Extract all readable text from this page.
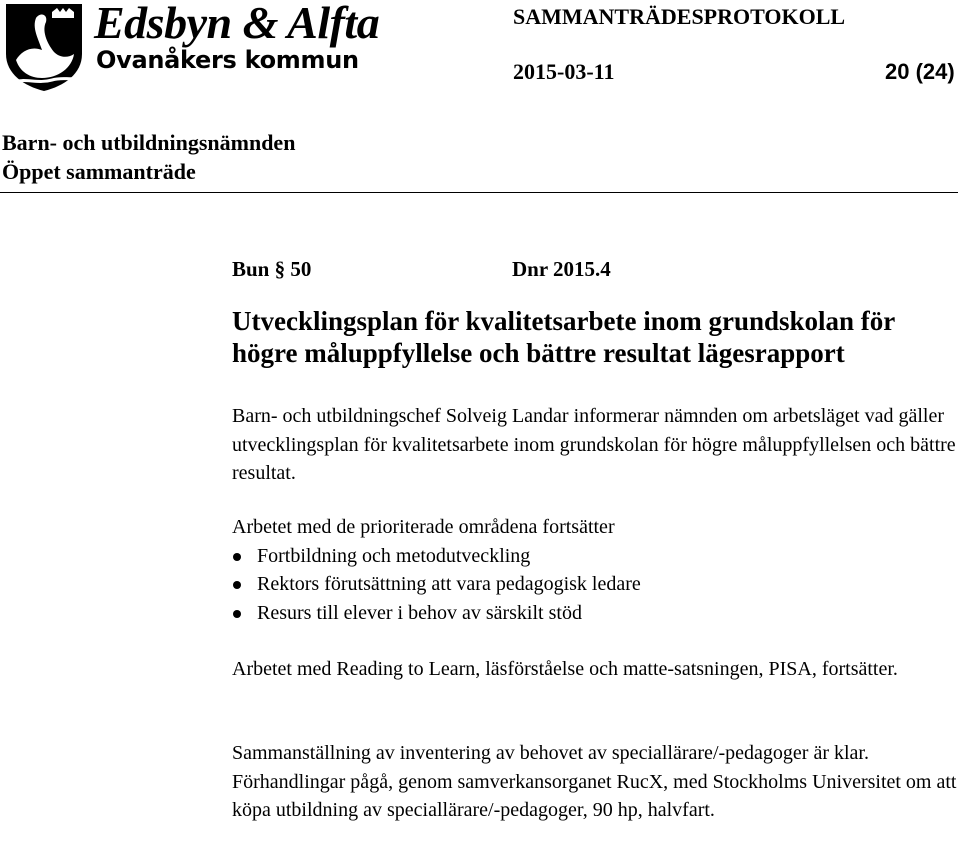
Edsbyn & Alfta
Ovanåkers kommun
SAMMANTRÄDESPROTOKOLL
2015-03-11	20 (24)
Barn- och utbildningsnämnden
Öppet sammanträde
Bun § 50	Dnr 2015.4
Utvecklingsplan för kvalitetsarbete inom grundskolan för högre måluppfyllelse och bättre resultat lägesrapport
Barn- och utbildningschef Solveig Landar informerar nämnden om arbetsläget vad gäller utvecklingsplan för kvalitetsarbete inom grundskolan för högre måluppfyllelsen och bättre resultat.
Arbetet med de prioriterade områdena fortsätter
Fortbildning och metodutveckling
Rektors förutsättning att vara pedagogisk ledare
Resurs till elever i behov av särskilt stöd
Arbetet med Reading to Learn, läsförståelse och matte-satsningen, PISA, fortsätter.
Sammanställning av inventering av behovet av speciallärare/-pedagoger är klar. Förhandlingar pågå, genom samverkansorganet RucX, med Stockholms Universitet om att köpa utbildning av speciallärare/-pedagoger, 90 hp, halvfart.
